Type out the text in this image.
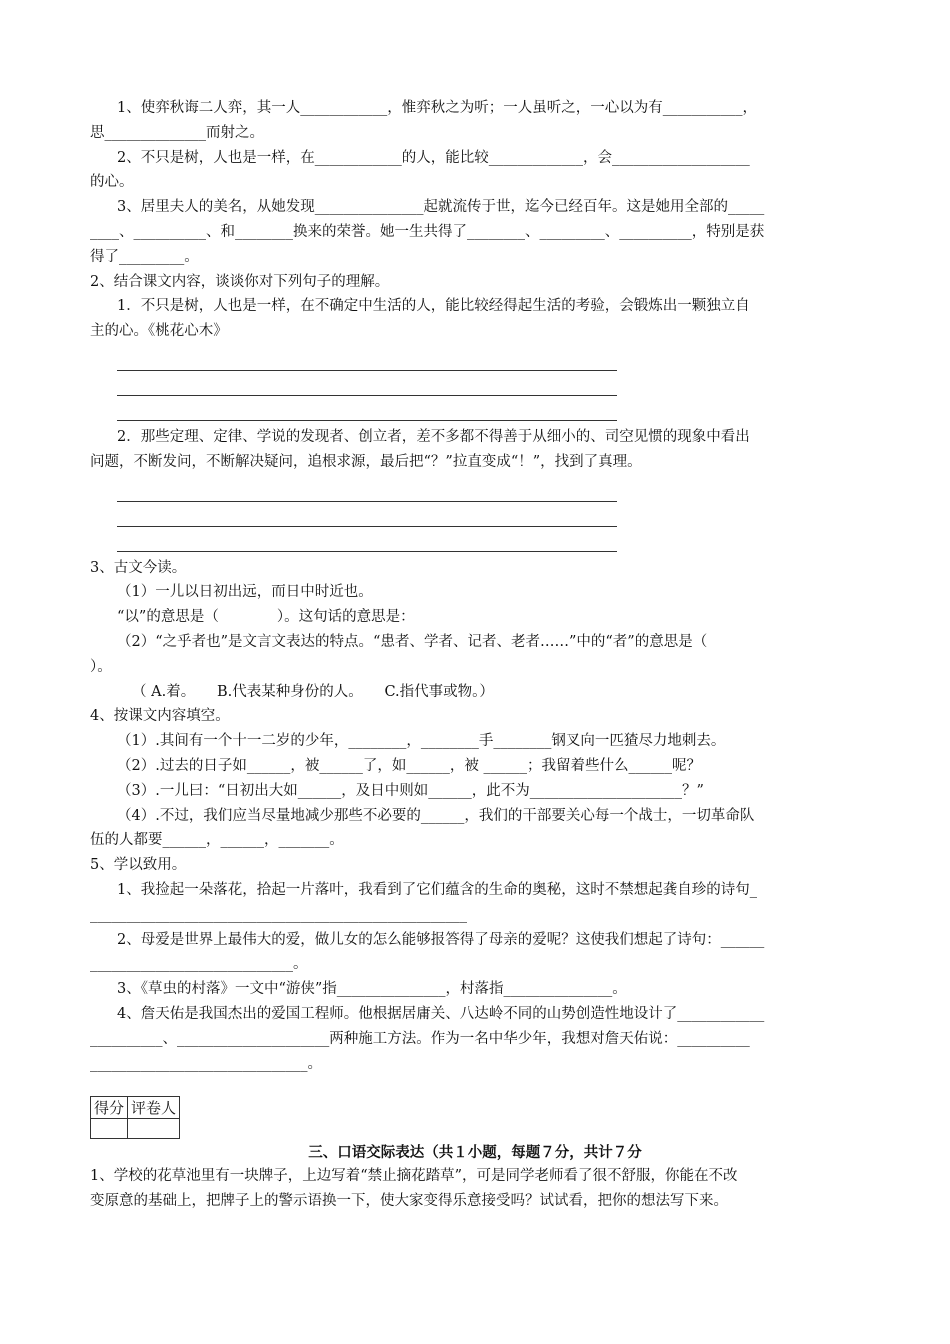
1、使弈秋诲二人弈，其一人____________，惟弈秋之为听；一人虽听之，一心以为有___________，
思______________而射之。
2、不只是树，人也是一样，在____________的人，能比较_____________，会___________________
的心。
3、居里夫人的美名，从她发现_______________起就流传于世，迄今已经百年。这是她用全部的_____
____、__________、和________换来的荣誉。她一生共得了________、_________、__________，特别是获
得了_________。
2、结合课文内容，谈谈你对下列句子的理解。
1．不只是树，人也是一样，在不确定中生活的人，能比较经得起生活的考验，会锻炼出一颗独立自
主的心。《桃花心木》
2．那些定理、定律、学说的发现者、创立者，差不多都不得善于从细小的、司空见惯的现象中看出
问题，不断发问，不断解决疑问，追根求源，最后把“？”拉直变成“！”，找到了真理。
3、古文今读。
（1）一儿以日初出远，而日中时近也。
“以”的意思是（　　　　）。这句话的意思是：
（2）“之乎者也”是文言文表达的特点。“患者、学者、记者、老者……”中的“者”的意思是（
）。
（ A.着。　　B.代表某种身份的人。　　C.指代事或物。）
4、按课文内容填空。
（1）.其间有一个十一二岁的少年，________，________手________钢叉向一匹猹尽力地刺去。
（2）.过去的日子如______，被______了，如______，被 ______；我留着些什么______呢？
（3）.一儿曰：“日初出大如______，及日中则如______，此不为_____________________？”
（4）.不过，我们应当尽量地减少那些不必要的______，我们的干部要关心每一个战士，一切革命队
伍的人都要______，______，_______。
5、学以致用。
1、我捡起一朵落花，拾起一片落叶，我看到了它们蕴含的生命的奥秘，这时不禁想起龚自珍的诗句_
____________________________________________________
2、母爱是世界上最伟大的爱，做儿女的怎么能够报答得了母亲的爱呢？这使我们想起了诗句：______
____________________________。
3、《草虫的村落》一文中“游侠”指_______________，村落指_______________。
4、詹天佑是我国杰出的爱国工程师。他根据居庸关、八达岭不同的山势创造性地设计了____________
__________、_____________________两种施工方法。作为一名中华少年，我想对詹天佑说：__________
______________________________。
得分	评卷人

三、口语交际表达（共１小题，每题７分，共计７分
1、学校的花草池里有一块牌子，上边写着“禁止摘花踏草”，可是同学老师看了很不舒服，你能在不改
变原意的基础上，把牌子上的警示语换一下，使大家变得乐意接受吗？试试看，把你的想法写下来。
